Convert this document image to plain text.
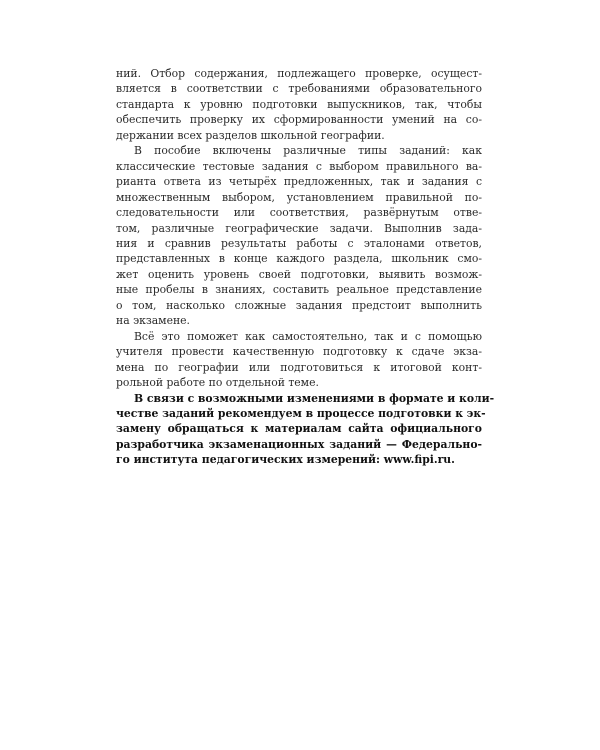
ний. Отбор содержания, подлежащего проверке, осущест-
вляется в соответствии с требованиями образовательного
стандарта к уровню подготовки выпускников, так, чтобы
обеспечить проверку их сформированности умений на со-
держании всех разделов школьной географии.
В пособие включены различные типы заданий: как
классические тестовые задания с выбором правильного ва-
рианта ответа из четырёх предложенных, так и задания с
множественным выбором, установлением правильной по-
следовательности или соответствия, развёрнутым отве-
том, различные географические задачи. Выполнив зада-
ния и сравнив результаты работы с эталонами ответов,
представленных в конце каждого раздела, школьник смо-
жет оценить уровень своей подготовки, выявить возмож-
ные пробелы в знаниях, составить реальное представление
о том, насколько сложные задания предстоит выполнить
на экзамене.
Всё это поможет как самостоятельно, так и с помощью
учителя провести качественную подготовку к сдаче экза-
мена по географии или подготовиться к итоговой конт-
рольной работе по отдельной теме.
В связи с возможными изменениями в формате и коли-
честве заданий рекомендуем в процессе подготовки к эк-
замену обращаться к материалам сайта официального
разработчика экзаменационных заданий — Федерально-
го института педагогических измерений: www.fipi.ru.
